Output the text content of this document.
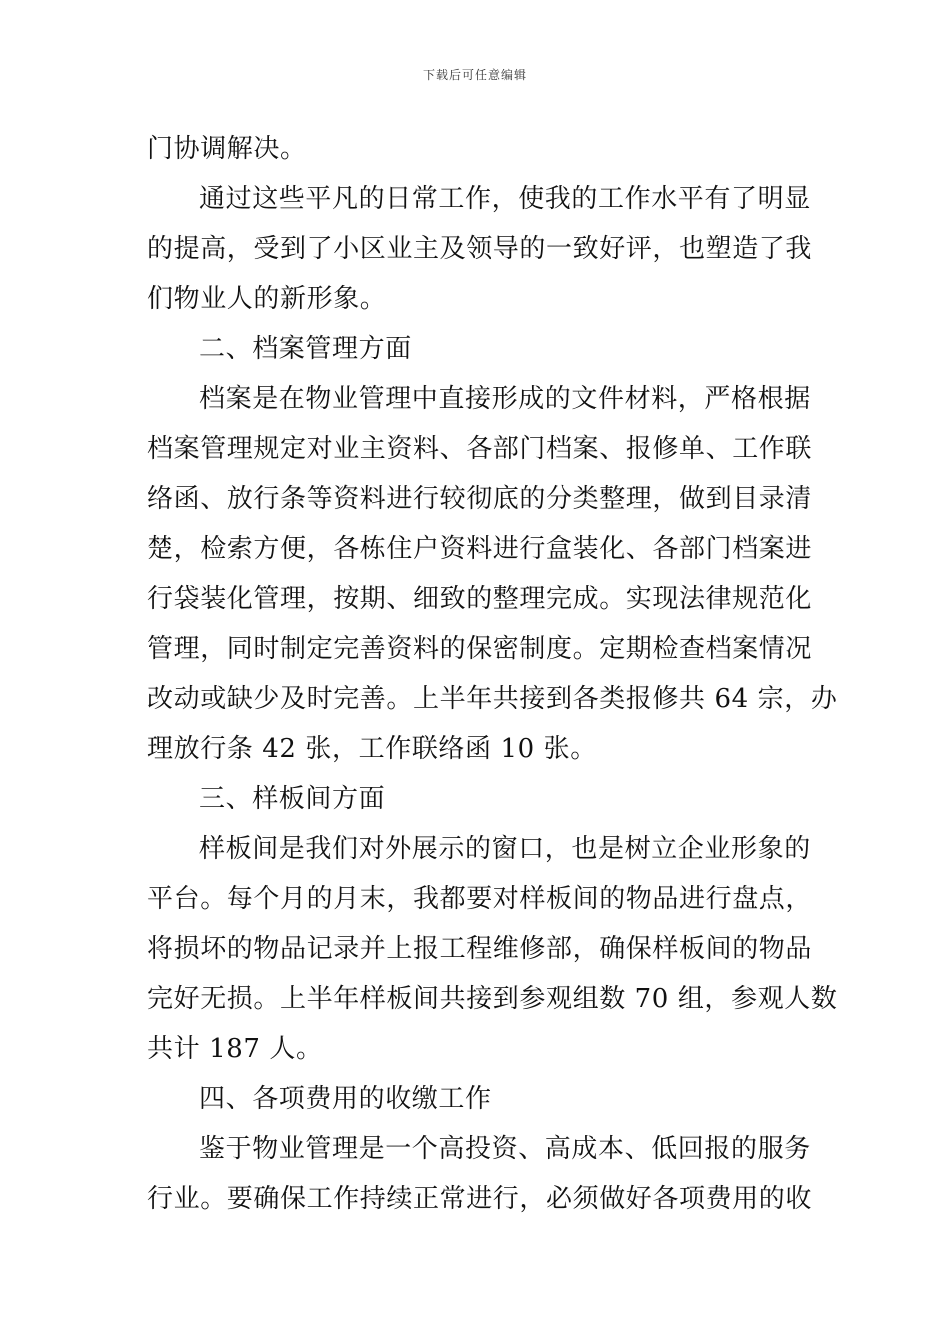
下载后可任意编辑
门协调解决。
通过这些平凡的日常工作，使我的工作水平有了明显
的提高，受到了小区业主及领导的一致好评，也塑造了我
们物业人的新形象。
二、档案管理方面
档案是在物业管理中直接形成的文件材料，严格根据
档案管理规定对业主资料、各部门档案、报修单、工作联
络函、放行条等资料进行较彻底的分类整理，做到目录清
楚，检索方便，各栋住户资料进行盒装化、各部门档案进
行袋装化管理，按期、细致的整理完成。实现法律规范化
管理，同时制定完善资料的保密制度。定期检查档案情况
改动或缺少及时完善。上半年共接到各类报修共 64 宗，办
理放行条 42 张，工作联络函 10 张。
三、样板间方面
样板间是我们对外展示的窗口，也是树立企业形象的
平台。每个月的月末，我都要对样板间的物品进行盘点，
将损坏的物品记录并上报工程维修部，确保样板间的物品
完好无损。上半年样板间共接到参观组数 70 组，参观人数
共计 187 人。
四、各项费用的收缴工作
鉴于物业管理是一个高投资、高成本、低回报的服务
行业。要确保工作持续正常进行，必须做好各项费用的收
